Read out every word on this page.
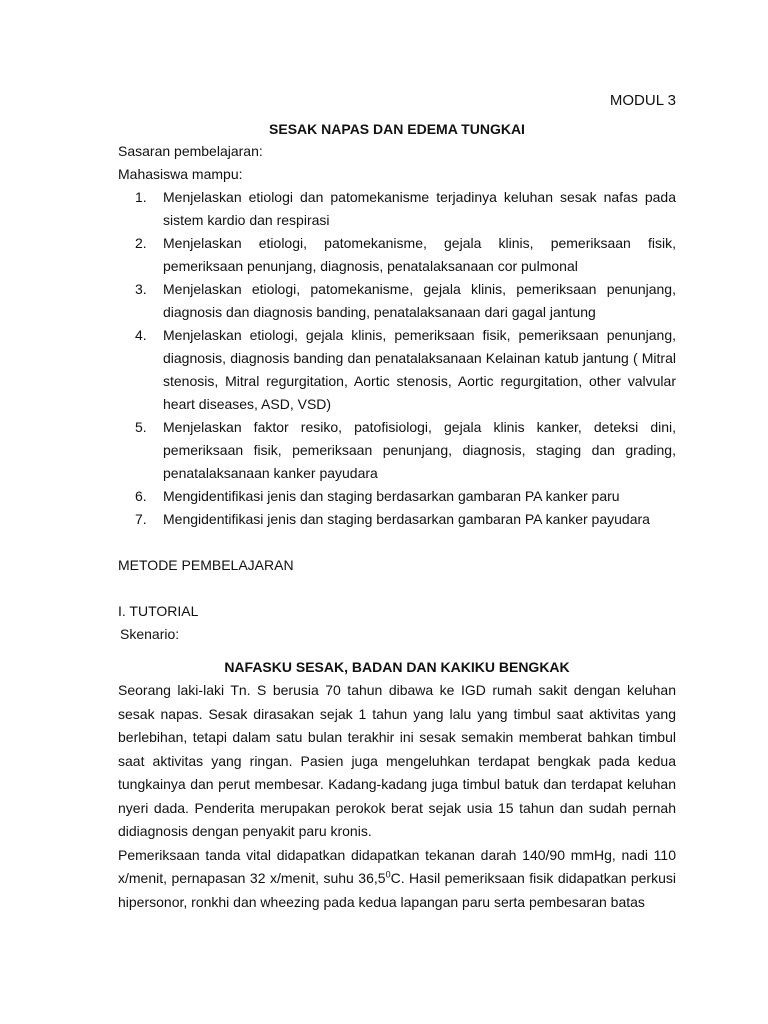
MODUL 3

SESAK NAPAS DAN EDEMA TUNGKAI

Sasaran pembelajaran:

Mahasiswa mampu:

1. Menjelaskan etiologi dan patomekanisme terjadinya keluhan sesak nafas pada sistem kardio dan respirasi
2. Menjelaskan etiologi, patomekanisme, gejala klinis, pemeriksaan fisik, pemeriksaan penunjang, diagnosis, penatalaksanaan cor pulmonal
3. Menjelaskan etiologi, patomekanisme, gejala klinis, pemeriksaan penunjang, diagnosis dan diagnosis banding, penatalaksanaan dari gagal jantung
4. Menjelaskan etiologi, gejala klinis, pemeriksaan fisik, pemeriksaan penunjang, diagnosis, diagnosis banding dan penatalaksanaan Kelainan katub jantung ( Mitral stenosis, Mitral regurgitation, Aortic stenosis, Aortic regurgitation, other valvular heart diseases, ASD, VSD)
5. Menjelaskan faktor resiko, patofisiologi, gejala klinis kanker, deteksi dini, pemeriksaan fisik, pemeriksaan penunjang, diagnosis, staging dan grading, penatalaksanaan kanker payudara
6. Mengidentifikasi jenis dan staging berdasarkan gambaran PA kanker paru
7. Mengidentifikasi jenis dan staging berdasarkan gambaran PA kanker payudara

METODE PEMBELAJARAN

I. TUTORIAL

Skenario:

NAFASKU SESAK, BADAN DAN KAKIKU BENGKAK

Seorang laki-laki Tn. S berusia 70 tahun dibawa ke IGD rumah sakit dengan keluhan sesak napas. Sesak dirasakan sejak 1 tahun yang lalu yang timbul saat aktivitas yang berlebihan, tetapi dalam satu bulan terakhir ini sesak semakin memberat bahkan timbul saat aktivitas yang ringan. Pasien juga mengeluhkan terdapat bengkak pada kedua tungkainya dan perut membesar. Kadang-kadang juga timbul batuk dan terdapat keluhan nyeri dada. Penderita merupakan perokok berat sejak usia 15 tahun dan sudah pernah didiagnosis dengan penyakit paru kronis.

Pemeriksaan tanda vital didapatkan didapatkan tekanan darah 140/90 mmHg, nadi 110 x/menit, pernapasan 32 x/menit, suhu 36,5$^0$C. Hasil pemeriksaan fisik didapatkan perkusi hipersonor, ronkhi dan wheezing pada kedua lapangan paru serta pembesaran batas
